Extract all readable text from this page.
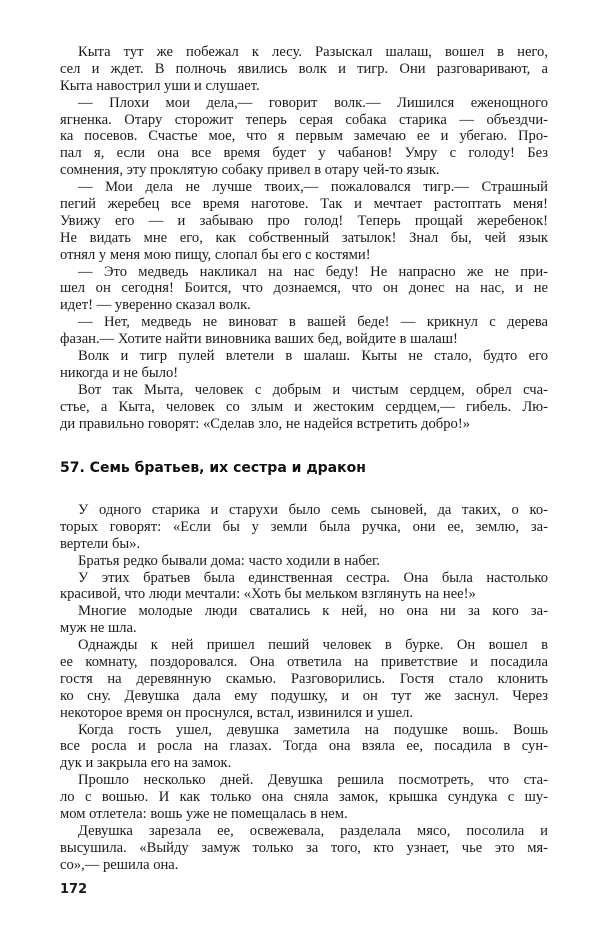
Кыта тут же побежал к лесу. Разыскал шалаш, вошел в него,
сел и ждет. В полночь явились волк и тигр. Они разговаривают, а
Кыта навострил уши и слушает.
— Плохи мои дела,— говорит волк.— Лишился еженощного
ягненка. Отару сторожит теперь серая собака старика — объездчи-
ка посевов. Счастье мое, что я первым замечаю ее и убегаю. Про-
пал я, если она все время будет у чабанов! Умру с голоду! Без
сомнения, эту проклятую собаку привел в отару чей-то язык.
— Мои дела не лучше твоих,— пожаловался тигр.— Страшный
пегий жеребец все время наготове. Так и мечтает растоптать меня!
Увижу его — и забываю про голод! Теперь прощай жеребенок!
Не видать мне его, как собственный затылок! Знал бы, чей язык
отнял у меня мою пищу, слопал бы его с костями!
— Это медведь накликал на нас беду! Не напрасно же не при-
шел он сегодня! Боится, что дознаемся, что он донес на нас, и не
идет! — уверенно сказал волк.
— Нет, медведь не виноват в вашей беде! — крикнул с дерева
фазан.— Хотите найти виновника ваших бед, войдите в шалаш!
Волк и тигр пулей влетели в шалаш. Кыты не стало, будто его
никогда и не было!
Вот так Мыта, человек с добрым и чистым сердцем, обрел сча-
стье, а Кыта, человек со злым и жестоким сердцем,— гибель. Лю-
ди правильно говорят: «Сделав зло, не надейся встретить добро!»
57. Семь братьев, их сестра и дракон
У одного старика и старухи было семь сыновей, да таких, о ко-
торых говорят: «Если бы у земли была ручка, они ее, землю, за-
вертели бы».
Братья редко бывали дома: часто ходили в набег.
У этих братьев была единственная сестра. Она была настолько
красивой, что люди мечтали: «Хоть бы мельком взглянуть на нее!»
Многие молодые люди сватались к ней, но она ни за кого за-
муж не шла.
Однажды к ней пришел пеший человек в бурке. Он вошел в
ее комнату, поздоровался. Она ответила на приветствие и посадила
гостя на деревянную скамью. Разговорились. Гостя стало клонить
ко сну. Девушка дала ему подушку, и он тут же заснул. Через
некоторое время он проснулся, встал, извинился и ушел.
Когда гость ушел, девушка заметила на подушке вошь. Вошь
все росла и росла на глазах. Тогда она взяла ее, посадила в сун-
дук и закрыла его на замок.
Прошло несколько дней. Девушка решила посмотреть, что ста-
ло с вошью. И как только она сняла замок, крышка сундука с шу-
мом отлетела: вошь уже не помещалась в нем.
Девушка зарезала ее, освежевала, разделала мясо, посолила и
высушила. «Выйду замуж только за того, кто узнает, чье это мя-
со»,— решила она.
172
